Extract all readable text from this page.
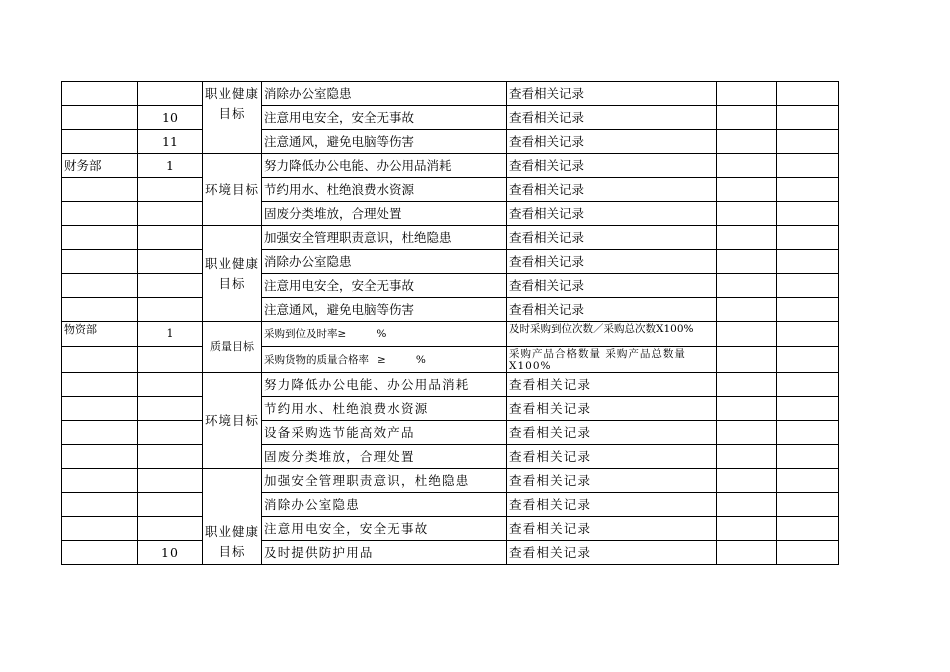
		职业健康目标	消除办公室隐患	查看相关记录		
	10		注意用电安全，安全无事故	查看相关记录		
	11		注意通风，避免电脑等伤害	查看相关记录		
财务部	1	环境目标	努力降低办公电能、办公用品消耗	查看相关记录		
			节约用水、杜绝浪费水资源	查看相关记录		
			固废分类堆放，合理处置	查看相关记录		
		职业健康目标	加强安全管理职责意识，杜绝隐患	查看相关记录		
			消除办公室隐患	查看相关记录		
			注意用电安全，安全无事故	查看相关记录		
			注意通风，避免电脑等伤害	查看相关记录		
物资部	1	质量目标	采购到位及时率≥ %	及时采购到位次数／采购总次数X100%		
			采购货物的质量合格率 ≥ %	采购产品合格数量 采购产品总数量X100%		
		环境目标	努力降低办公电能、办公用品消耗	查看相关记录		
			节约用水、杜绝浪费水资源	查看相关记录		
			设备采购选节能高效产品	查看相关记录		
			固废分类堆放，合理处置	查看相关记录		
		职业健康目标	加强安全管理职责意识，杜绝隐患	查看相关记录		
			消除办公室隐患	查看相关记录		
			注意用电安全，安全无事故	查看相关记录		
	10		及时提供防护用品	查看相关记录		
